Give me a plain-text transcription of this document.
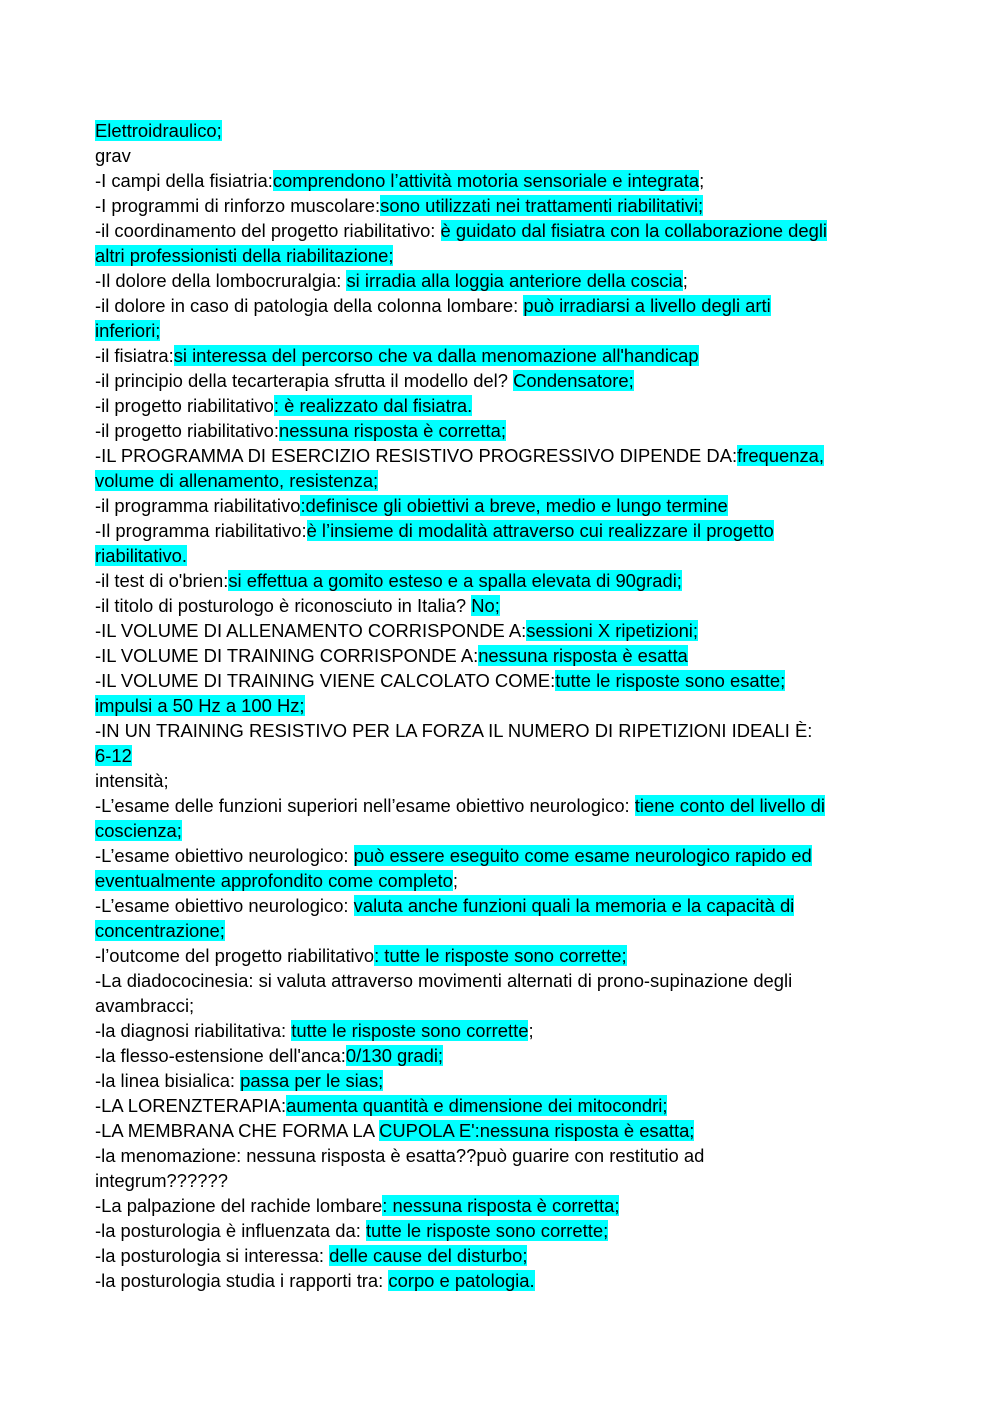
Elettroidraulico;
grav
-I campi della fisiatria:comprendono l’attività motoria sensoriale e integrata;
-I programmi di rinforzo muscolare:sono utilizzati nei trattamenti riabilitativi;
-il coordinamento del progetto riabilitativo: è guidato dal fisiatra con la collaborazione degli
altri professionisti della riabilitazione;
-Il dolore della lombocruralgia: si irradia alla loggia anteriore della coscia;
-il dolore in caso di patologia della colonna lombare: può irradiarsi a livello degli arti
inferiori;
-il fisiatra:si interessa del percorso che va dalla menomazione all'handicap
-il principio della tecarterapia sfrutta il modello del? Condensatore;
-il progetto riabilitativo: è realizzato dal fisiatra.
-il progetto riabilitativo:nessuna risposta è corretta;
-IL PROGRAMMA DI ESERCIZIO RESISTIVO PROGRESSIVO DIPENDE DA:frequenza,
volume di allenamento, resistenza;
-il programma riabilitativo:definisce gli obiettivi a breve, medio e lungo termine
-Il programma riabilitativo:è l’insieme di modalità attraverso cui realizzare il progetto
riabilitativo.
-il test di o'brien:si effettua a gomito esteso e a spalla elevata di 90gradi;
-il titolo di posturologo è riconosciuto in Italia? No;
-IL VOLUME DI ALLENAMENTO CORRISPONDE A:sessioni X ripetizioni;
-IL VOLUME DI TRAINING CORRISPONDE A:nessuna risposta è esatta
-IL VOLUME DI TRAINING VIENE CALCOLATO COME:tutte le risposte sono esatte;
impulsi a 50 Hz a 100 Hz;
-IN UN TRAINING RESISTIVO PER LA FORZA IL NUMERO DI RIPETIZIONI IDEALI È:
6-12
intensità;
-L’esame delle funzioni superiori nell’esame obiettivo neurologico: tiene conto del livello di
coscienza;
-L’esame obiettivo neurologico: può essere eseguito come esame neurologico rapido ed
eventualmente approfondito come completo;
-L’esame obiettivo neurologico: valuta anche funzioni quali la memoria e la capacità di
concentrazione;
-l’outcome del progetto riabilitativo: tutte le risposte sono corrette;
-La diadococinesia: si valuta attraverso movimenti alternati di prono-supinazione degli
avambracci;
-la diagnosi riabilitativa: tutte le risposte sono corrette;
-la flesso-estensione dell'anca:0/130 gradi;
-la linea bisialica: passa per le sias;
-LA LORENZTERAPIA:aumenta quantità e dimensione dei mitocondri;
-LA MEMBRANA CHE FORMA LA CUPOLA E':nessuna risposta è esatta;
-la menomazione: nessuna risposta è esatta??può guarire con restitutio ad
integrum??????
-La palpazione del rachide lombare: nessuna risposta è corretta;
-la posturologia è influenzata da: tutte le risposte sono corrette;
-la posturologia si interessa: delle cause del disturbo;
-la posturologia studia i rapporti tra: corpo e patologia.
